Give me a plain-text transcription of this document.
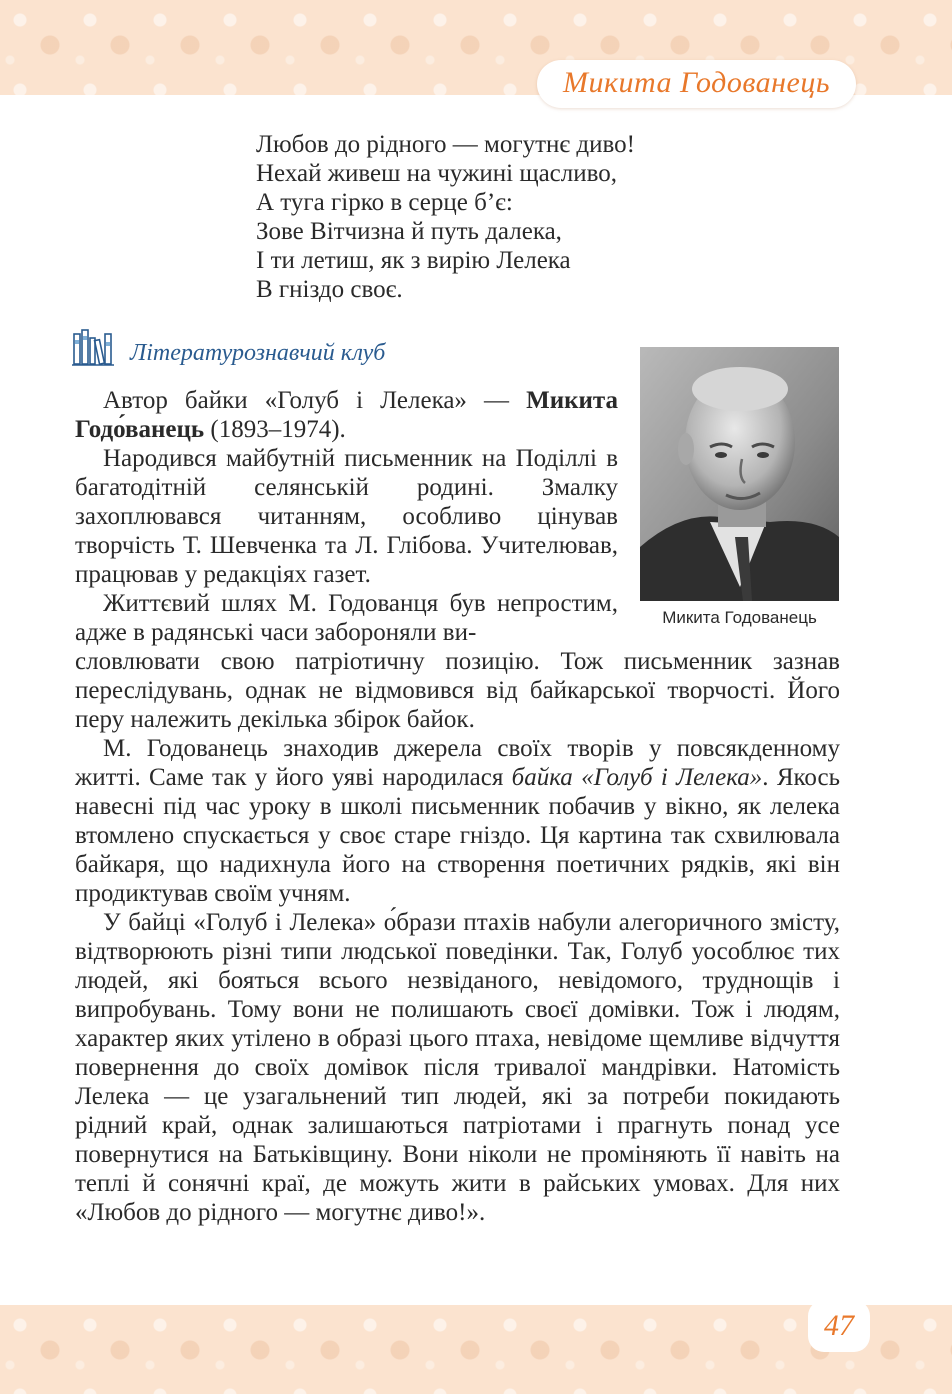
Микита Годованець
Любов до рідного — могутнє диво!
Нехай живеш на чужині щасливо,
А туга гірко в серце б’є:
Зове Вітчизна й путь далека,
І ти летиш, як з вирію Лелека
В гніздо своє.
Літературознавчий клуб
Микита Годованець

Автор байки «Голуб і Лелека» — Микита Годо́ванець (1893–1974).

Народився майбутній письменник на Поділлі в багатодітній селянській родині. Змалку захоплювався читанням, особливо цінував творчість Т. Шевченка та Л. Глібова. Учителював, працював у редакціях газет.

Життєвий шлях М. Годованця був непростим, адже в радянські часи забороняли ви-

словлювати свою патріотичну позицію. Тож письменник зазнав переслідувань, однак не відмовився від байкарської творчості. Його перу належить декілька збірок байок.

М. Годованець знаходив джерела своїх творів у повсякденному житті. Саме так у його уяві народилася байка «Голуб і Лелека». Якось навесні під час уроку в школі письменник побачив у вікно, як лелека втомлено спускається у своє старе гніздо. Ця картина так схвилювала байкаря, що надихнула його на створення поетичних рядків, які він продиктував своїм учням.

У байці «Голуб і Лелека» о́брази птахів набули алегоричного змісту, відтворюють різні типи людської поведінки. Так, Голуб уособлює тих людей, які бояться всього незвіданого, невідомого, труднощів і випробувань. Тому вони не полишають своєї домівки. Тож і людям, характер яких утілено в образі цього птаха, невідоме щемливе відчуття повернення до своїх домівок після тривалої мандрівки. Натомість Лелека — це узагальнений тип людей, які за потреби покидають рідний край, однак залишаються патріотами і прагнуть понад усе повернутися на Батьківщину. Вони ніколи не проміняють її навіть на теплі й сонячні краї, де можуть жити в райських умовах. Для них «Любов до рідного — могутнє диво!».

47
